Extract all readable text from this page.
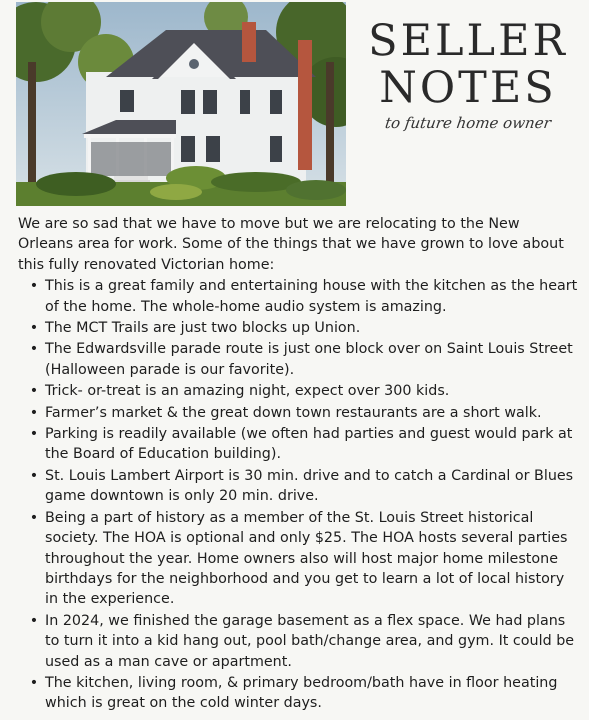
SELLER
NOTES
to future home owner

We are so sad that we have to move but we are relocating to the New Orleans area for work. Some of the things that we have grown to love about this fully renovated Victorian home:

• This is a great family and entertaining house with the kitchen as the heart of the home. The whole-home audio system is amazing.
• The MCT Trails are just two blocks up Union.
• The Edwardsville parade route is just one block over on Saint Louis Street (Halloween parade is our favorite).
• Trick- or-treat is an amazing night, expect over 300 kids.
• Farmer’s market & the great down town restaurants are a short walk.
• Parking is readily available (we often had parties and guest would park at the Board of Education building).
• St. Louis Lambert Airport is 30 min. drive and to catch a Cardinal or Blues game downtown is only 20 min. drive.
• Being a part of history as a member of the St. Louis Street historical society. The HOA is optional and only $25. The HOA hosts several parties throughout the year. Home owners also will host major home milestone birthdays for the neighborhood and you get to learn a lot of local history in the experience.
• In 2024, we finished the garage basement as a flex space. We had plans to turn it into a kid hang out, pool bath/change area, and gym. It could be used as a man cave or apartment.
• The kitchen, living room, & primary bedroom/bath have in floor heating which is great on the cold winter days.
